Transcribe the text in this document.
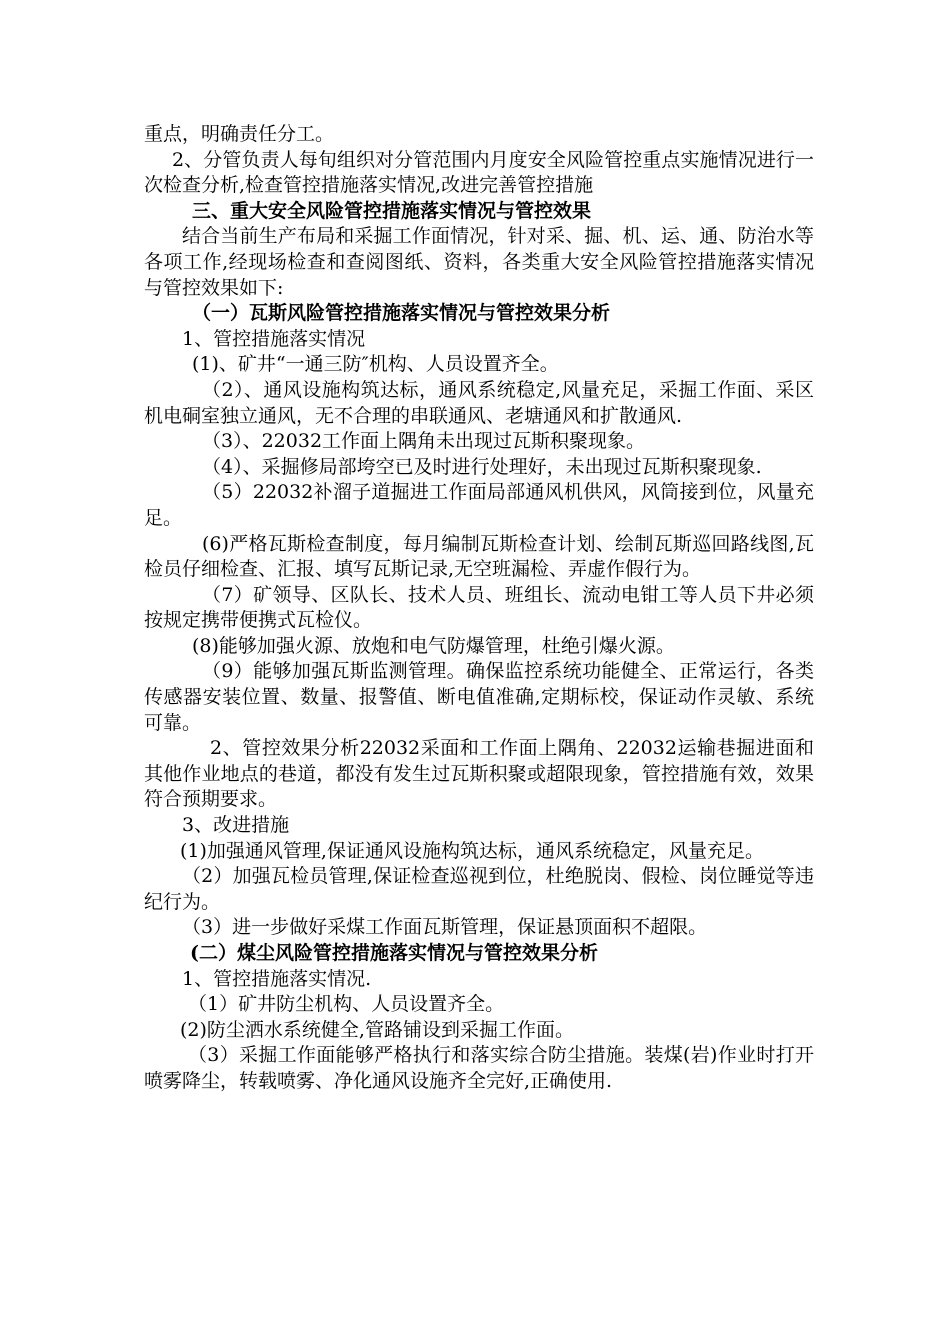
重点，明确责任分工。

2、分管负责人每旬组织对分管范围内月度安全风险管控重点实施情况进行一次检查分析,检查管控措施落实情况,改进完善管控措施

三、重大安全风险管控措施落实情况与管控效果

结合当前生产布局和采掘工作面情况，针对采、掘、机、运、通、防治水等各项工作,经现场检查和查阅图纸、资料，各类重大安全风险管控措施落实情况与管控效果如下:

（一）瓦斯风险管控措施落实情况与管控效果分析

1、管控措施落实情况

(1)、矿井“一通三防″机构、人员设置齐全。

（2）、通风设施构筑达标，通风系统稳定,风量充足，采掘工作面、采区机电硐室独立通风，无不合理的串联通风、老塘通风和扩散通风.

（3）、22032工作面上隅角未出现过瓦斯积聚现象。

（4）、采掘修局部垮空已及时进行处理好，未出现过瓦斯积聚现象.

（5）22032补溜子道掘进工作面局部通风机供风，风筒接到位，风量充足。

(6)严格瓦斯检查制度，每月编制瓦斯检查计划、绘制瓦斯巡回路线图,瓦检员仔细检查、汇报、填写瓦斯记录,无空班漏检、弄虚作假行为。

（7）矿领导、区队长、技术人员、班组长、流动电钳工等人员下井必须按规定携带便携式瓦检仪。

(8)能够加强火源、放炮和电气防爆管理，杜绝引爆火源。

（9）能够加强瓦斯监测管理。确保监控系统功能健全、正常运行，各类传感器安装位置、数量、报警值、断电值准确,定期标校，保证动作灵敏、系统可靠。

2、管控效果分析22032采面和工作面上隅角、22032运输巷掘进面和其他作业地点的巷道，都没有发生过瓦斯积聚或超限现象，管控措施有效，效果符合预期要求。

3、改进措施

(1)加强通风管理,保证通风设施构筑达标，通风系统稳定，风量充足。

（2）加强瓦检员管理,保证检查巡视到位，杜绝脱岗、假检、岗位睡觉等违纪行为。

（3）进一步做好采煤工作面瓦斯管理，保证悬顶面积不超限。

(二）煤尘风险管控措施落实情况与管控效果分析

1、管控措施落实情况.

（1）矿井防尘机构、人员设置齐全。

(2)防尘洒水系统健全,管路铺设到采掘工作面。

（3）采掘工作面能够严格执行和落实综合防尘措施。装煤(岩)作业时打开喷雾降尘，转载喷雾、净化通风设施齐全完好,正确使用.
